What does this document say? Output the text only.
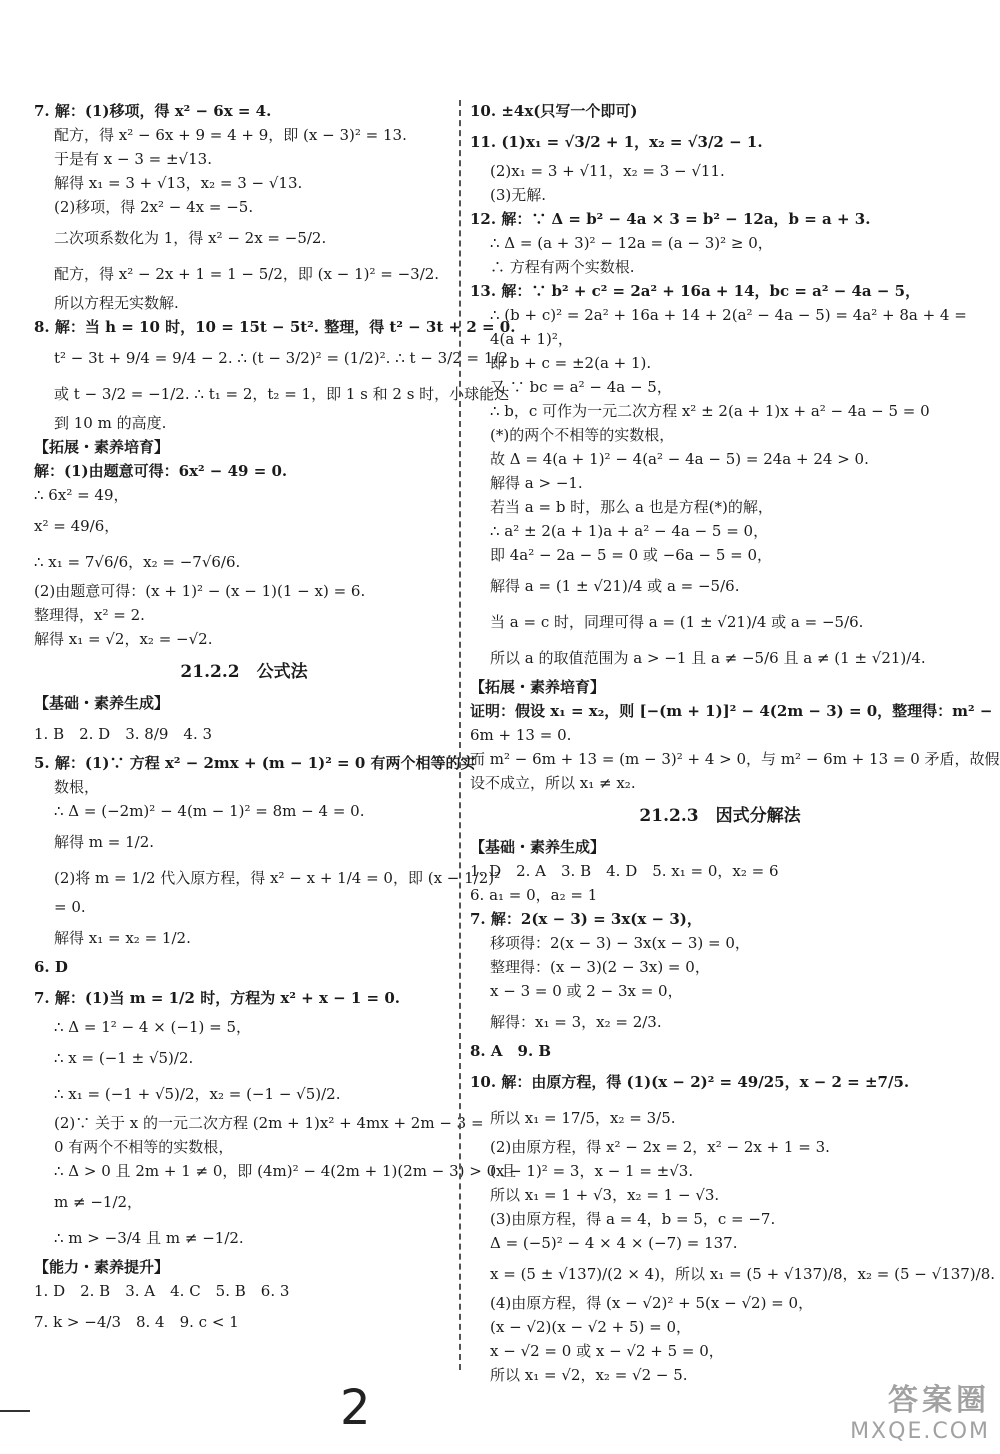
7. 解：(1)移项，得 x² − 6x = 4.
配方，得 x² − 6x + 9 = 4 + 9，即 (x − 3)² = 13.
于是有 x − 3 = ±√13.
解得 x₁ = 3 + √13，x₂ = 3 − √13.
(2)移项，得 2x² − 4x = −5.
二次项系数化为 1，得 x² − 2x = −5/2.
配方，得 x² − 2x + 1 = 1 − 5/2，即 (x − 1)² = −3/2.
所以方程无实数解.
8. 解：当 h = 10 时，10 = 15t − 5t². 整理，得 t² − 3t + 2 = 0.
t² − 3t + 9/4 = 9/4 − 2. ∴ (t − 3/2)² = (1/2)². ∴ t − 3/2 = 1/2
或 t − 3/2 = −1/2. ∴ t₁ = 2，t₂ = 1，即 1 s 和 2 s 时，小球能达
到 10 m 的高度.
【拓展・素养培育】
解：(1)由题意可得：6x² − 49 = 0.
∴ 6x² = 49，
x² = 49/6，
∴ x₁ = 7√6/6，x₂ = −7√6/6.
(2)由题意可得：(x + 1)² − (x − 1)(1 − x) = 6.
整理得，x² = 2.
解得 x₁ = √2，x₂ = −√2.
21.2.2　公式法
【基础・素养生成】
1. B　2. D　3. 8/9　4. 3
5. 解：(1)∵ 方程 x² − 2mx + (m − 1)² = 0 有两个相等的实
数根，
∴ Δ = (−2m)² − 4(m − 1)² = 8m − 4 = 0.
解得 m = 1/2.
(2)将 m = 1/2 代入原方程，得 x² − x + 1/4 = 0，即 (x − 1/2)²
= 0.
解得 x₁ = x₂ = 1/2.
6. D
7. 解：(1)当 m = 1/2 时，方程为 x² + x − 1 = 0.
∴ Δ = 1² − 4 × (−1) = 5，
∴ x = (−1 ± √5)/2.
∴ x₁ = (−1 + √5)/2，x₂ = (−1 − √5)/2.
(2)∵ 关于 x 的一元二次方程 (2m + 1)x² + 4mx + 2m − 3 =
0 有两个不相等的实数根，
∴ Δ > 0 且 2m + 1 ≠ 0，即 (4m)² − 4(2m + 1)(2m − 3) > 0 且
m ≠ −1/2，
∴ m > −3/4 且 m ≠ −1/2.
【能力・素养提升】
1. D　2. B　3. A　4. C　5. B　6. 3
7. k > −4/3　8. 4　9. c < 1
10. ±4x(只写一个即可)
11. (1)x₁ = √3/2 + 1，x₂ = √3/2 − 1.
(2)x₁ = 3 + √11，x₂ = 3 − √11.
(3)无解.
12. 解：∵ Δ = b² − 4a × 3 = b² − 12a，b = a + 3.
∴ Δ = (a + 3)² − 12a = (a − 3)² ≥ 0，
∴ 方程有两个实数根.
13. 解：∵ b² + c² = 2a² + 16a + 14，bc = a² − 4a − 5，
∴ (b + c)² = 2a² + 16a + 14 + 2(a² − 4a − 5) = 4a² + 8a + 4 =
4(a + 1)²，
即 b + c = ±2(a + 1).
又 ∵ bc = a² − 4a − 5，
∴ b，c 可作为一元二次方程 x² ± 2(a + 1)x + a² − 4a − 5 = 0
(*)的两个不相等的实数根，
故 Δ = 4(a + 1)² − 4(a² − 4a − 5) = 24a + 24 > 0.
解得 a > −1.
若当 a = b 时，那么 a 也是方程(*)的解，
∴ a² ± 2(a + 1)a + a² − 4a − 5 = 0，
即 4a² − 2a − 5 = 0 或 −6a − 5 = 0，
解得 a = (1 ± √21)/4 或 a = −5/6.
当 a = c 时，同理可得 a = (1 ± √21)/4 或 a = −5/6.
所以 a 的取值范围为 a > −1 且 a ≠ −5/6 且 a ≠ (1 ± √21)/4.
【拓展・素养培育】
证明：假设 x₁ = x₂，则 [−(m + 1)]² − 4(2m − 3) = 0，整理得：m² −
6m + 13 = 0.
而 m² − 6m + 13 = (m − 3)² + 4 > 0，与 m² − 6m + 13 = 0 矛盾，故假
设不成立，所以 x₁ ≠ x₂.
21.2.3　因式分解法
【基础・素养生成】
1. D　2. A　3. B　4. D　5. x₁ = 0，x₂ = 6
6. a₁ = 0，a₂ = 1
7. 解：2(x − 3) = 3x(x − 3)，
移项得：2(x − 3) − 3x(x − 3) = 0，
整理得：(x − 3)(2 − 3x) = 0，
x − 3 = 0 或 2 − 3x = 0，
解得：x₁ = 3，x₂ = 2/3.
8. A　9. B
10. 解：由原方程，得 (1)(x − 2)² = 49/25，x − 2 = ±7/5.
所以 x₁ = 17/5，x₂ = 3/5.
(2)由原方程，得 x² − 2x = 2，x² − 2x + 1 = 3.
(x − 1)² = 3，x − 1 = ±√3.
所以 x₁ = 1 + √3，x₂ = 1 − √3.
(3)由原方程，得 a = 4，b = 5，c = −7.
Δ = (−5)² − 4 × 4 × (−7) = 137.
x = (5 ± √137)/(2 × 4)，所以 x₁ = (5 + √137)/8，x₂ = (5 − √137)/8.
(4)由原方程，得 (x − √2)² + 5(x − √2) = 0，
(x − √2)(x − √2 + 5) = 0，
x − √2 = 0 或 x − √2 + 5 = 0，
所以 x₁ = √2，x₂ = √2 − 5.
2	答案圈
MXQE.COM
